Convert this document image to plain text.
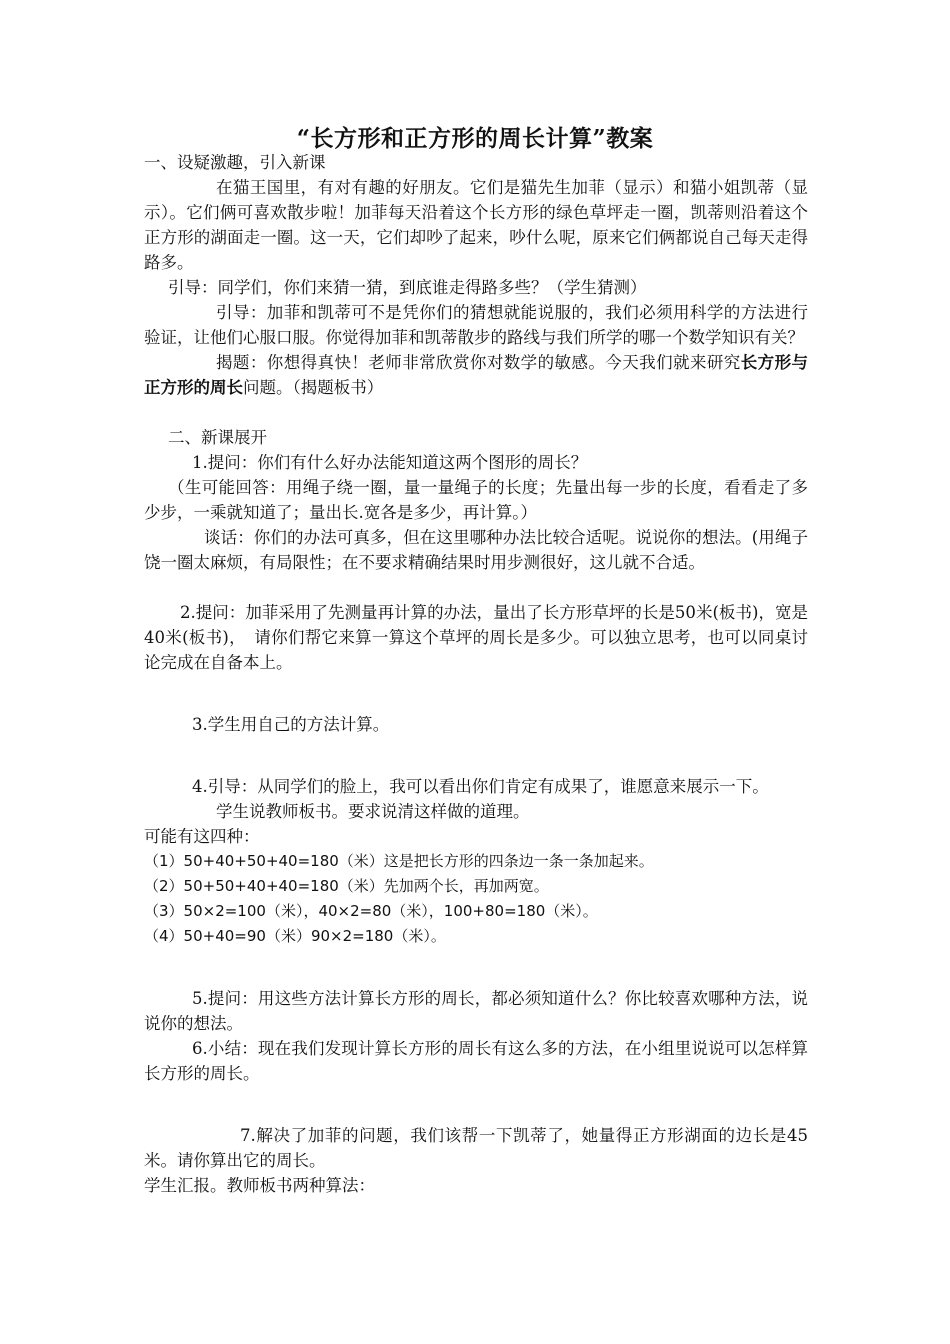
“长方形和正方形的周长计算”教案

一、设疑激趣，引入新课

在猫王国里，有对有趣的好朋友。它们是猫先生加菲（显示）和猫小姐凯蒂（显示）。它们俩可喜欢散步啦！加菲每天沿着这个长方形的绿色草坪走一圈，凯蒂则沿着这个正方形的湖面走一圈。这一天，它们却吵了起来，吵什么呢，原来它们俩都说自己每天走得路多。

引导：同学们，你们来猜一猜，到底谁走得路多些？（学生猜测）

引导：加菲和凯蒂可不是凭你们的猜想就能说服的，我们必须用科学的方法进行验证，让他们心服口服。你觉得加菲和凯蒂散步的路线与我们所学的哪一个数学知识有关？

揭题：你想得真快！老师非常欣赏你对数学的敏感。今天我们就来研究长方形与正方形的周长问题。（揭题板书）

二、新课展开

1.提问：你们有什么好办法能知道这两个图形的周长？

（生可能回答：用绳子绕一圈，量一量绳子的长度；先量出每一步的长度，看看走了多少步，一乘就知道了；量出长.宽各是多少，再计算。）

谈话：你们的办法可真多，但在这里哪种办法比较合适呢。说说你的想法。(用绳子饶一圈太麻烦，有局限性；在不要求精确结果时用步测很好，这儿就不合适。

2.提问：加菲采用了先测量再计算的办法，量出了长方形草坪的长是50米(板书)，宽是40米(板书)，　请你们帮它来算一算这个草坪的周长是多少。可以独立思考，也可以同桌讨论完成在自备本上。

3.学生用自己的方法计算。

4.引导：从同学们的脸上，我可以看出你们肯定有成果了，谁愿意来展示一下。

学生说教师板书。要求说清这样做的道理。

可能有这四种：

（1）50+40+50+40=180（米）这是把长方形的四条边一条一条加起来。

（2）50+50+40+40=180（米）先加两个长，再加两宽。

（3）50×2=100（米），40×2=80（米），100+80=180（米）。

（4）50+40=90（米）90×2=180（米）。

5.提问：用这些方法计算长方形的周长，都必须知道什么？你比较喜欢哪种方法，说说你的想法。

6.小结：现在我们发现计算长方形的周长有这么多的方法，在小组里说说可以怎样算长方形的周长。

7.解决了加菲的问题，我们该帮一下凯蒂了，她量得正方形湖面的边长是45米。请你算出它的周长。

学生汇报。教师板书两种算法：
